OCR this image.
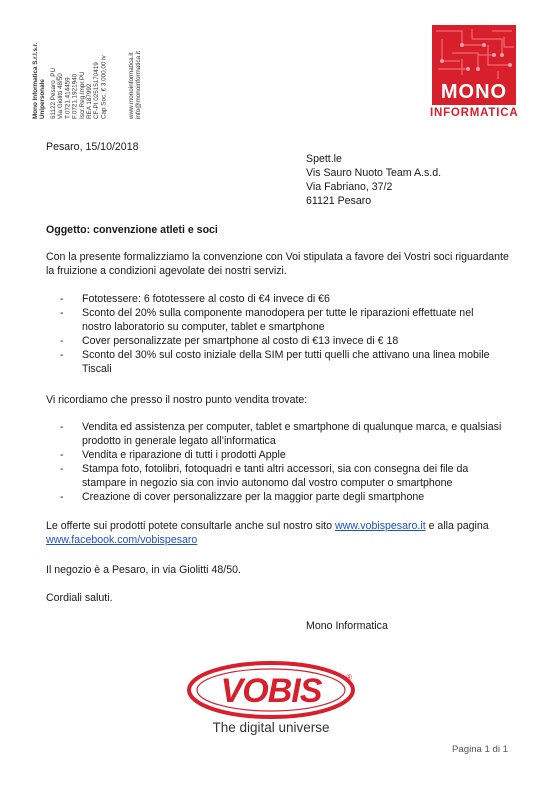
Mono Informatica S.r.l.s.r. Unipersonale 61122 Pesaro_PU Via Giolitti 48/50 T.0721.414459 F.0721.1921940 Iscr.Reg.Impr.PU REA 187992 CF-PI 02515170419 Cap.Soc. € 3.000,00 iv	www.monoinformatica.it info@monoinformatica.it	MONO
INFORMATICA
Pesaro, 15/10/2018
Spett.le
Vis Sauro Nuoto Team A.s.d.
Via Fabriano, 37/2
61121 Pesaro
Oggetto: convenzione atleti e soci
Con la presente formalizziamo la convenzione con Voi stipulata a favore dei Vostri soci riguardante
la fruizione a condizioni agevolate dei nostri servizi.
- Fototessere: 6 fototessere al costo di €4 invece di €6
- Sconto del 20% sulla componente manodopera per tutte le riparazioni effettuate nel
nostro laboratorio su computer, tablet e smartphone
- Cover personalizzate per smartphone al costo di €13 invece di € 18
- Sconto del 30% sul costo iniziale della SIM per tutti quelli che attivano una linea mobile
Tiscali
Vi ricordiamo che presso il nostro punto vendita trovate:
- Vendita ed assistenza per computer, tablet e smartphone di qualunque marca, e qualsiasi
prodotto in generale legato all’informatica
- Vendita e riparazione di tutti i prodotti Apple
- Stampa foto, fotolibri, fotoquadri e tanti altri accessori, sia con consegna dei file da
stampare in negozio sia con invio autonomo dal vostro computer o smartphone
- Creazione di cover personalizzare per la maggior parte degli smartphone
Le offerte sui prodotti potete consultarle anche sul nostro sito www.vobispesaro.it e alla pagina
www.facebook.com/vobispesaro
Il negozio è a Pesaro, in via Giolitti 48/50.
Cordiali saluti.
Mono Informatica
VOBIS	®
The digital universe
Pagina 1 di 1
